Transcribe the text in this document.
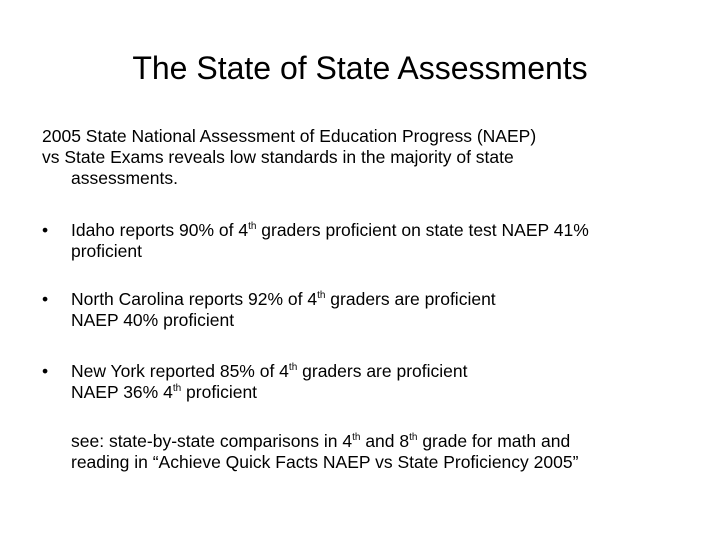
The State of State Assessments
2005 State National Assessment of Education Progress (NAEP)
vs State Exams reveals low standards in the majority of state
assessments.
• Idaho reports 90% of 4th graders proficient on state test NAEP 41%
proficient
• North Carolina reports 92% of 4th graders are proficient
NAEP 40% proficient
• New York reported 85% of 4th graders are proficient
NAEP 36% 4th proficient
see: state-by-state comparisons in 4th and 8th grade for math and
reading in “Achieve Quick Facts NAEP vs State Proficiency 2005”
